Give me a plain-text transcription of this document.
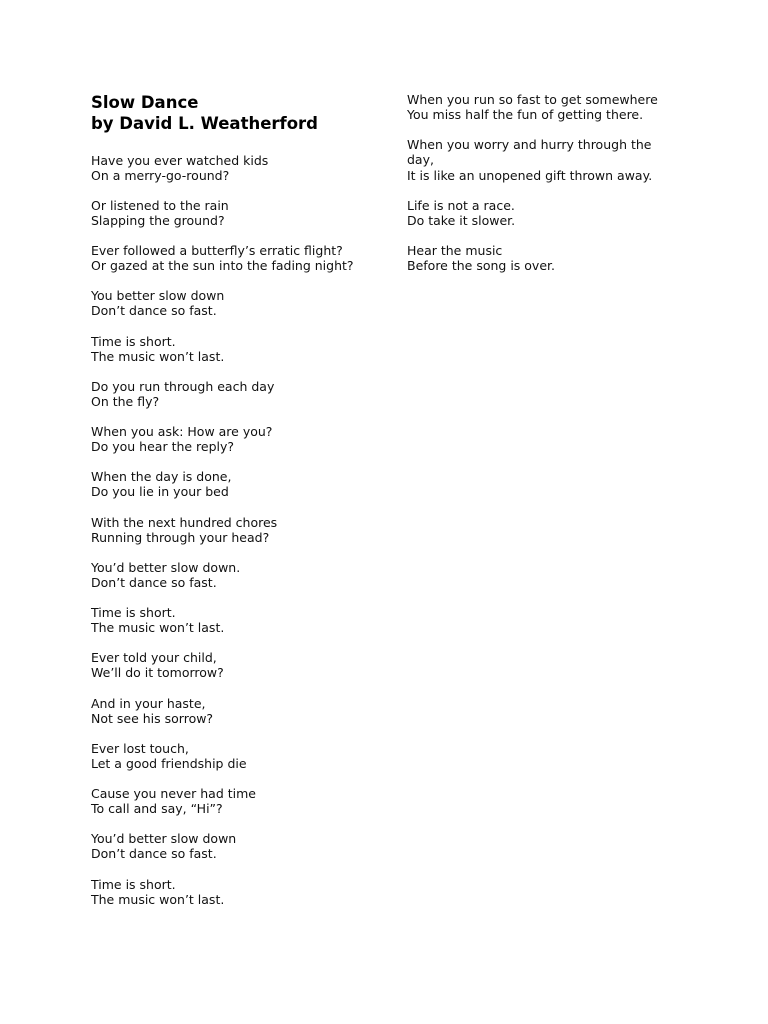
Slow Dance
by David L. Weatherford

Have you ever watched kids
On a merry-go-round?

Or listened to the rain
Slapping the ground?

Ever followed a butterfly’s erratic flight?
Or gazed at the sun into the fading night?

You better slow down
Don’t dance so fast.

Time is short.
The music won’t last.

Do you run through each day
On the fly?

When you ask: How are you?
Do you hear the reply?

When the day is done,
Do you lie in your bed

With the next hundred chores
Running through your head?

You’d better slow down.
Don’t dance so fast.

Time is short.
The music won’t last.

Ever told your child,
We’ll do it tomorrow?

And in your haste,
Not see his sorrow?

Ever lost touch,
Let a good friendship die

Cause you never had time
To call and say, “Hi”?

You’d better slow down
Don’t dance so fast.

Time is short.
The music won’t last.

When you run so fast to get somewhere
You miss half the fun of getting there.

When you worry and hurry through the
day,
It is like an unopened gift thrown away.

Life is not a race.
Do take it slower.

Hear the music
Before the song is over.
